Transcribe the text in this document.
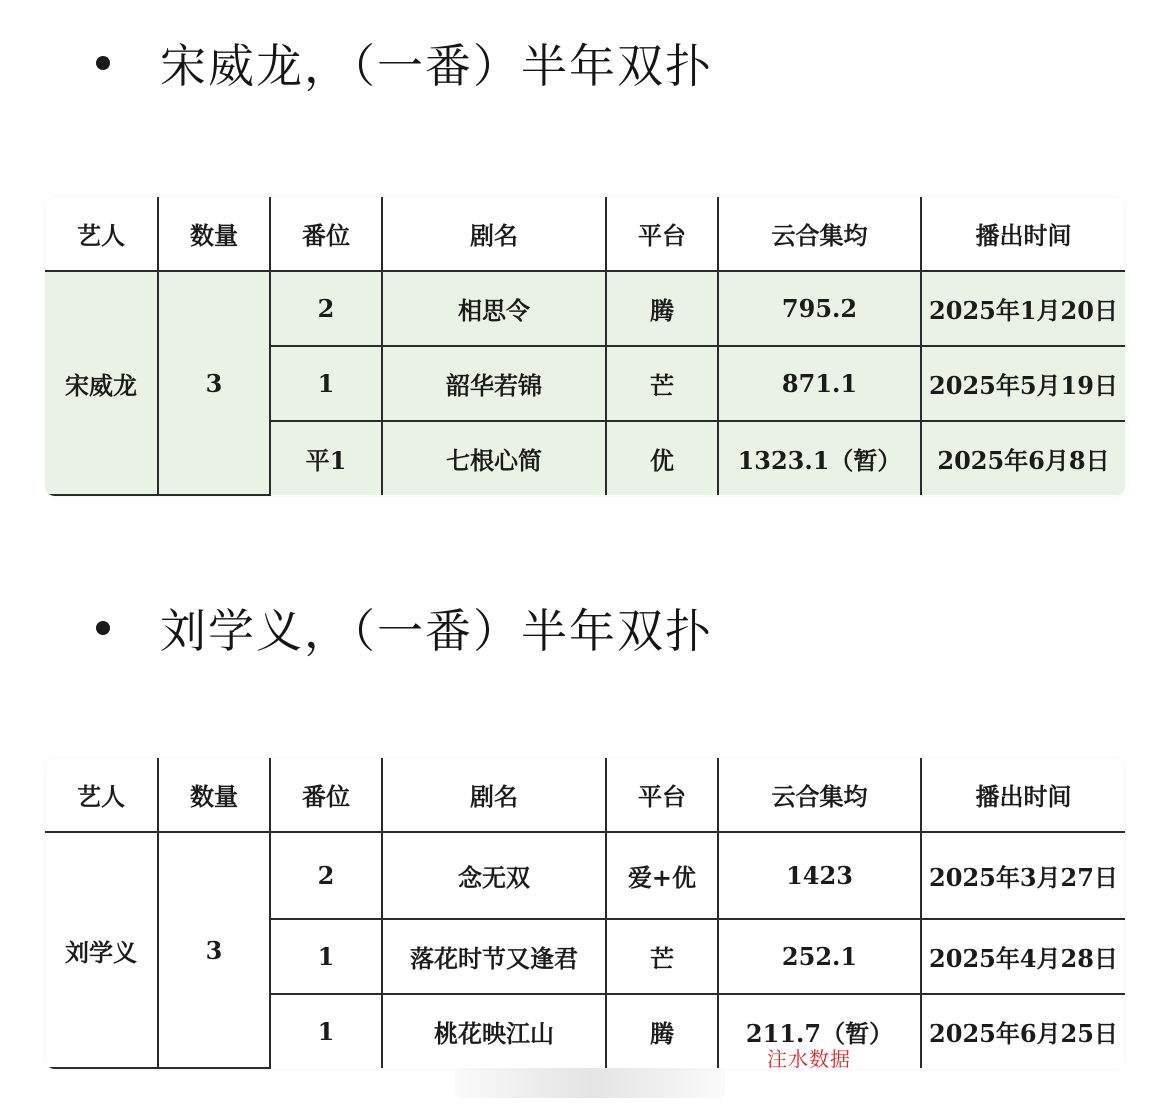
宋威龙，（一番）半年双扑
艺人	数量	番位	剧名	平台	云合集均	播出时间
宋威龙	3	2	相思令	腾	795.2	2025年1月20日
		1	韶华若锦	芒	871.1	2025年5月19日
		平1	七根心简	优	1323.1（暂）	2025年6月8日
刘学义，（一番）半年双扑
艺人	数量	番位	剧名	平台	云合集均	播出时间
刘学义	3	2	念无双	爱+优	1423	2025年3月27日
		1	落花时节又逢君	芒	252.1	2025年4月28日
		1	桃花映江山	腾	211.7（暂）	2025年6月25日
注水数据
